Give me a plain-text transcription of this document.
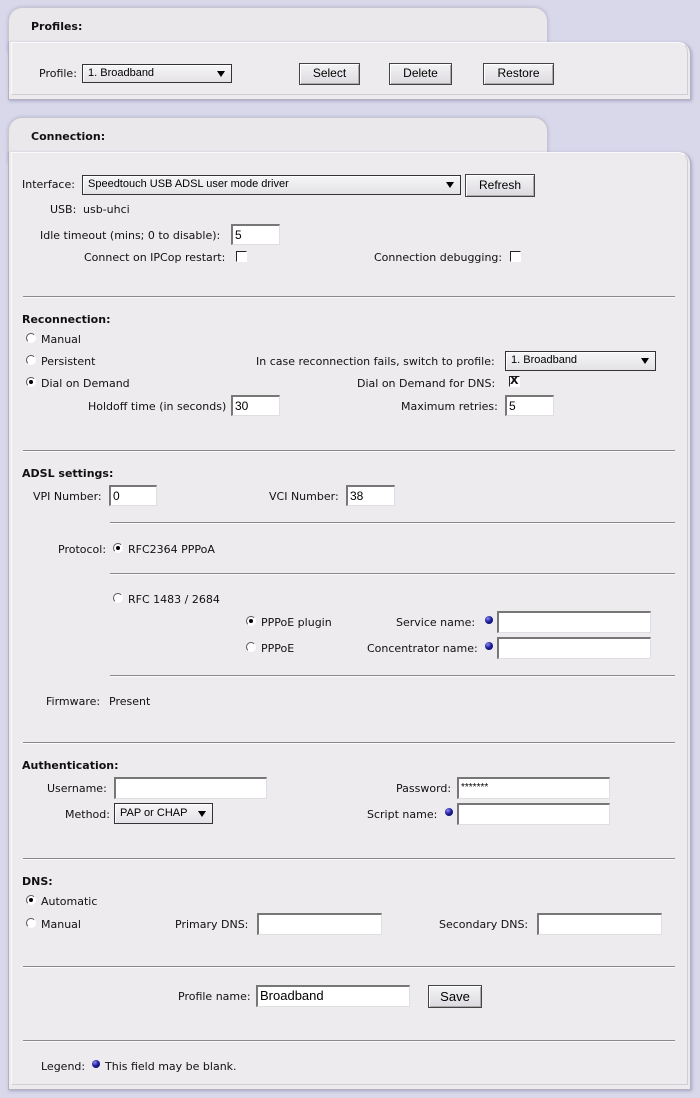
Profiles:
Profile:	1. Broadband	Select	Delete	Restore
Connection:
Interface:	Speedtouch USB ADSL user mode driver	Refresh
USB: usb-uhci
Idle timeout (mins; 0 to disable):	5
Connect on IPCop restart:	Connection debugging:
Reconnection:
Manual
Persistent
Dial on Demand
In case reconnection fails, switch to profile:	1. Broadband
Dial on Demand for DNS: X
Holdoff time (in seconds) 30	Maximum retries: 5
ADSL settings:
VPI Number: 0	VCI Number: 38
Protocol: RFC2364 PPPoA
RFC 1483 / 2684
PPPoE plugin	Service name:
PPPoE	Concentrator name:
Firmware: Present
Authentication:
Username:	Password: *******
Method: PAP or CHAP	Script name:
DNS:
Automatic
Manual	Primary DNS:	Secondary DNS:
Profile name: Broadband	Save
Legend: This field may be blank.
